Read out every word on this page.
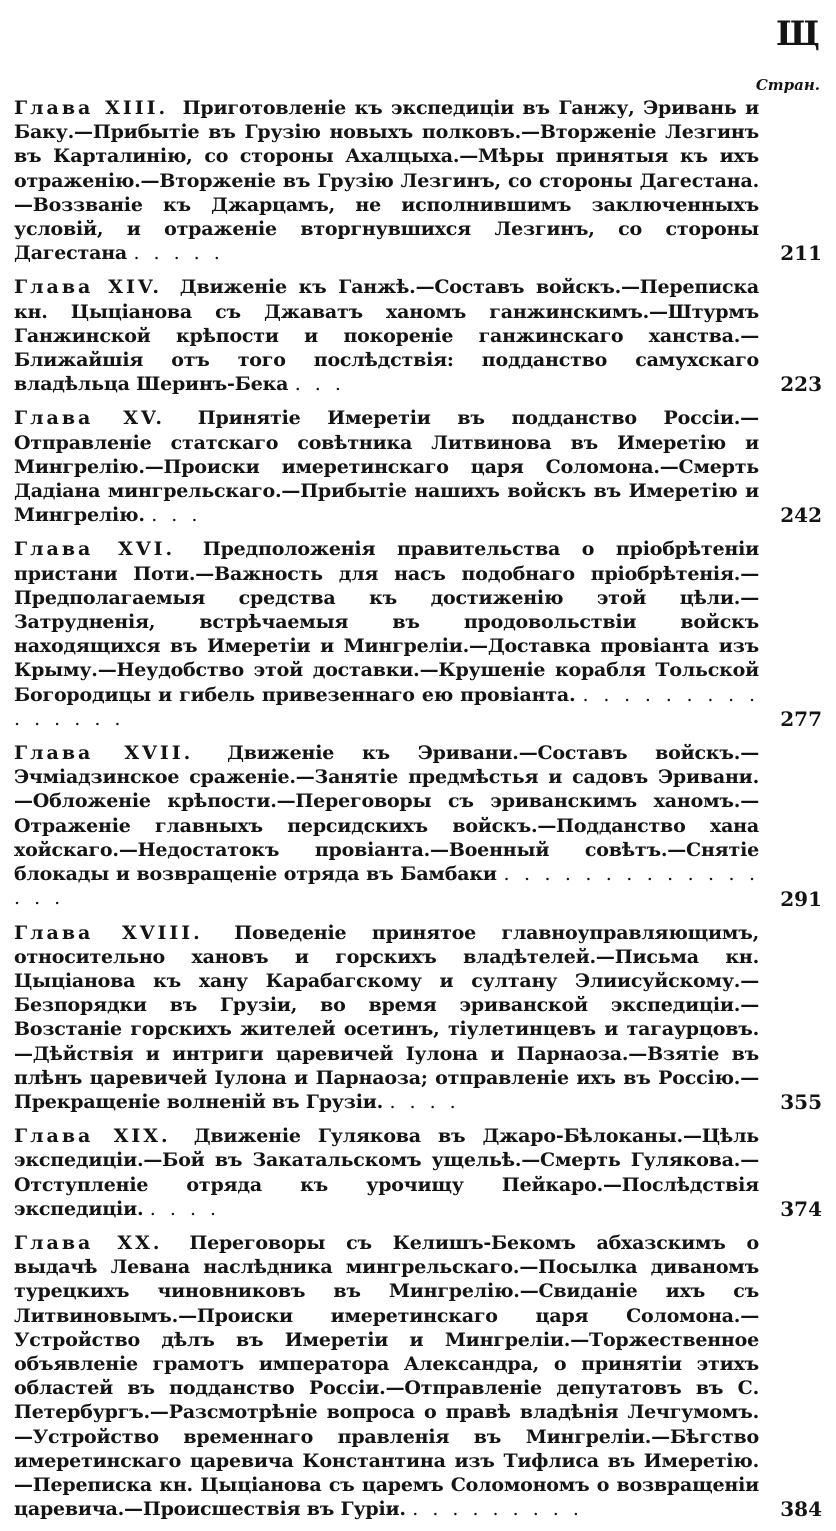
Щ
Стран.
Глава XIII. Приготовленіе къ экспедиціи въ Ганжу, Эривань и Баку.—Прибытіе въ Грузію новыхъ полковъ.—Вторженіе Лезгинъ въ Карталинію, со стороны Ахалцыха.—Мѣры принятыя къ ихъ отраженію.—Вторженіе въ Грузію Лезгинъ, со стороны Дагестана.—Воззваніе къ Джарцамъ, не исполнившимъ заключенныхъ условій, и отраженіе вторгнувшихся Лезгинъ, со стороны Дагестана . . . . .	211
Глава XIV. Движеніе къ Ганжѣ.—Составъ войскъ.—Переписка кн. Цыціанова съ Джаватъ ханомъ ганжинскимъ.—Штурмъ Ганжинской крѣпости и покореніе ганжинскаго ханства.—Ближайшія отъ того послѣдствія: подданство самухскаго владѣльца Шеринъ-Бека . . .	223
Глава XV. Принятіе Имеретіи въ подданство Россіи.—Отправленіе статскаго совѣтника Литвинова въ Имеретію и Мингрелію.—Происки имеретинскаго царя Соломона.—Смерть Дадіана мингрельскаго.—Прибытіе нашихъ войскъ въ Имеретію и Мингрелію. . . .	242
Глава XVI. Предположенія правительства о пріобрѣтеніи пристани Поти.—Важность для насъ подобнаго пріобрѣтенія.—Предполагаемыя средства къ достиженію этой цѣли.—Затрудненія, встрѣчаемыя въ продовольствіи войскъ находящихся въ Имеретіи и Мингреліи.—Доставка провіанта изъ Крыму.—Неудобство этой доставки.—Крушеніе корабля Тольской Богородицы и гибель привезеннаго ею провіанта. . . . . . . . . . . . . . . .	277
Глава XVII. Движеніе къ Эривани.—Составъ войскъ.—Эчміадзинское сраженіе.—Занятіе предмѣстья и садовъ Эривани.—Обложеніе крѣпости.—Переговоры съ эриванскимъ ханомъ.—Отраженіе главныхъ персидскихъ войскъ.—Подданство хана хойскаго.—Недостатокъ провіанта.—Военный совѣтъ.—Снятіе блокады и возвращеніе отряда въ Бамбаки . . . . . . . . . . . . . . . .	291
Глава XVIII. Поведеніе принятое главноуправляющимъ, относительно хановъ и горскихъ владѣтелей.—Письма кн. Цыціанова къ хану Карабагскому и султану Элиисуйскому.—Безпорядки въ Грузіи, во время эриванской экспедиціи.—Возстаніе горскихъ жителей осетинъ, тіулетинцевъ и тагаурцовъ.—Дѣйствія и интриги царевичей Іулона и Парнаоза.—Взятіе въ плѣнъ царевичей Іулона и Парнаоза; отправленіе ихъ въ Россію.—Прекращеніе волненій въ Грузіи. . . . .	355
Глава XIX. Движеніе Гулякова въ Джаро-Бѣлоканы.—Цѣль экспедиціи.—Бой въ Закатальскомъ ущельѣ.—Смерть Гулякова.—Отступленіе отряда къ урочищу Пейкаро.—Послѣдствія экспедиціи. . . . .	374
Глава XX. Переговоры съ Келишъ-Бекомъ абхазскимъ о выдачѣ Левана наслѣдника мингрельскаго.—Посылка диваномъ турецкихъ чиновниковъ въ Мингрелію.—Свиданіе ихъ съ Литвиновымъ.—Происки имеретинскаго царя Соломона.—Устройство дѣлъ въ Имеретіи и Мингреліи.—Торжественное объявленіе грамотъ императора Александра, о принятіи этихъ областей въ подданство Россіи.—Отправленіе депутатовъ въ С. Петербургъ.—Разсмотрѣніе вопроса о правѣ владѣнія Лечгумомъ.—Устройство временнаго правленія въ Мингреліи.—Бѣгство имеретинскаго царевича Константина изъ Тифлиса въ Имеретію.—Переписка кн. Цыціанова съ царемъ Соломономъ о возвращеніи царевича.—Происшествія въ Гуріи. . . . . . . . . .	384
